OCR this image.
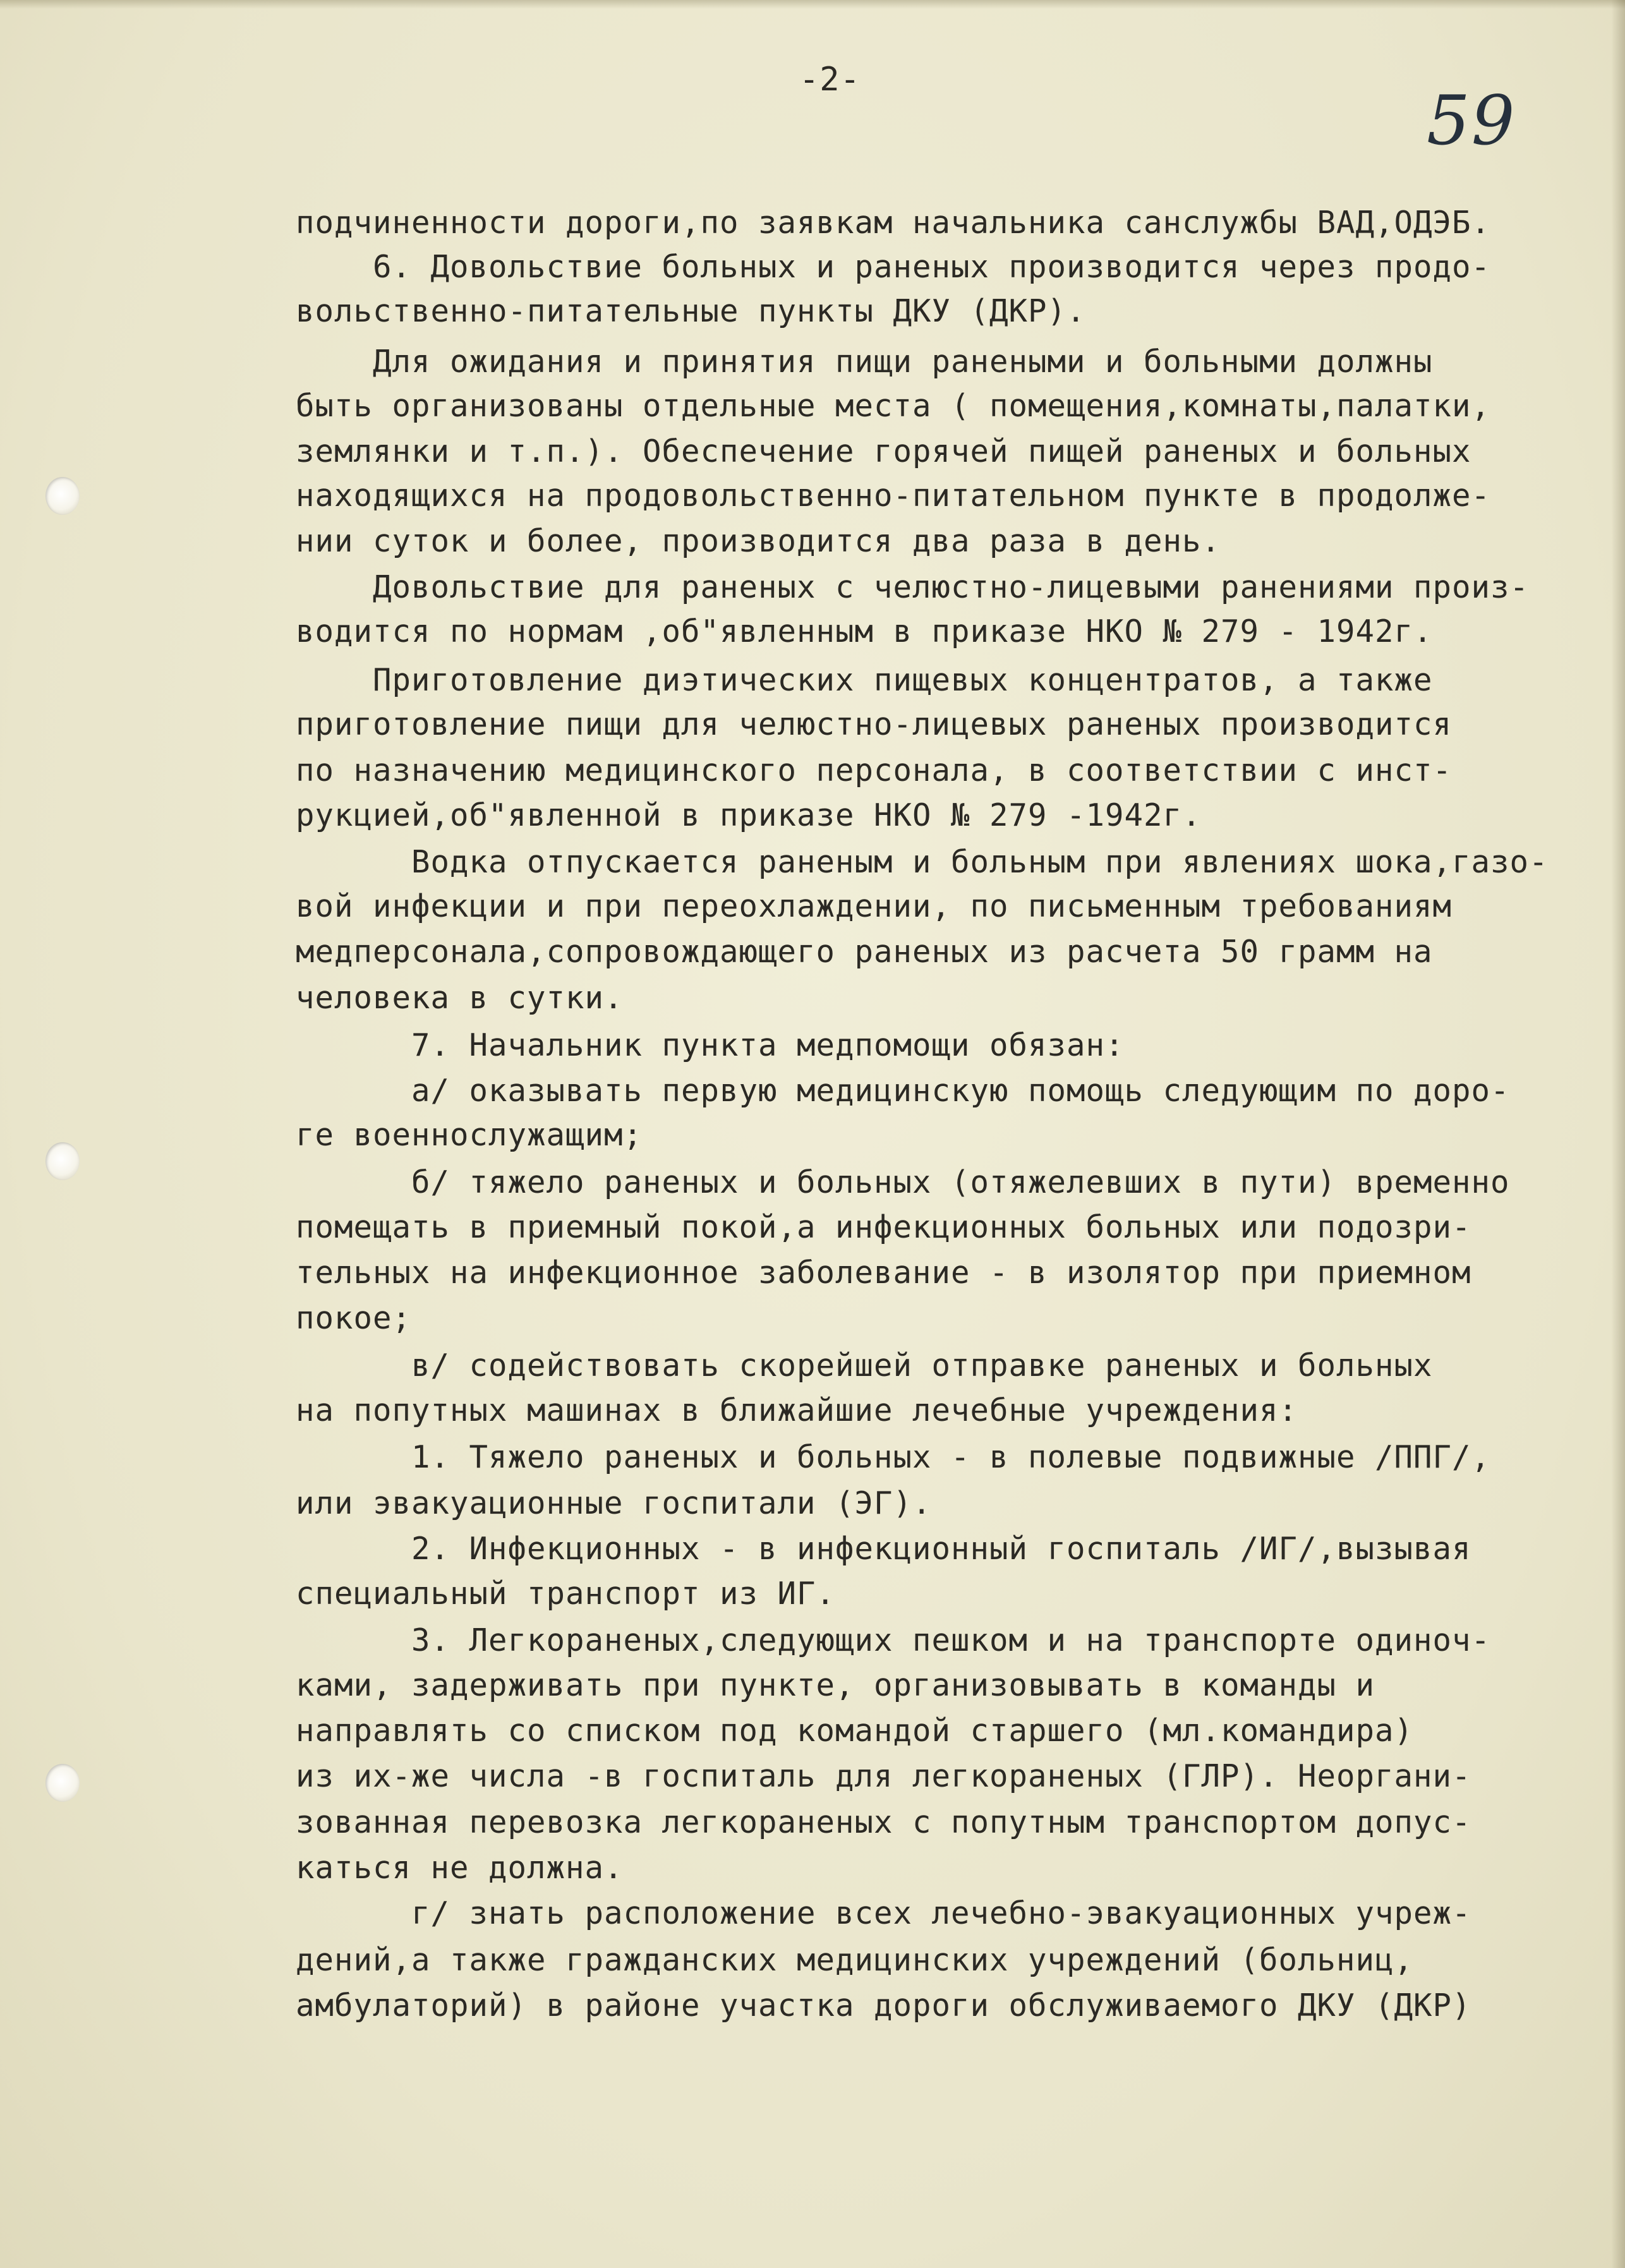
-2-
59
подчиненности дороги,по заявкам начальника санслужбы ВАД,ОДЭБ.
6. Довольствие больных и раненых производится через продо-
вольственно-питательные пункты ДКУ (ДКР).
Для ожидания и принятия пищи ранеными и больными должны
быть организованы отдельные места ( помещения,комнаты,палатки,
землянки и т.п.). Обеспечение горячей пищей раненых и больных
находящихся на продовольственно-питательном пункте в продолже-
нии суток и более, производится два раза в день.
Довольствие для раненых с челюстно-лицевыми ранениями произ-
водится по нормам ,об"явленным в приказе НКО № 279 - 1942г.
Приготовление диэтических пищевых концентратов, а также
приготовление пищи для челюстно-лицевых раненых производится
по назначению медицинского персонала, в соответствии с инст-
рукцией,об"явленной в приказе НКО № 279 -1942г.
Водка отпускается раненым и больным при явлениях шока,газо-
вой инфекции и при переохлаждении, по письменным требованиям
медперсонала,сопровождающего раненых из расчета 50 грамм на
человека в сутки.
7. Начальник пункта медпомощи обязан:
а/ оказывать первую медицинскую помощь следующим по доро-
ге военнослужащим;
б/ тяжело раненых и больных (отяжелевших в пути) временно
помещать в приемный покой,а инфекционных больных или подозри-
тельных на инфекционное заболевание - в изолятор при приемном
покое;
в/ содействовать скорейшей отправке раненых и больных
на попутных машинах в ближайшие лечебные учреждения:
1. Тяжело раненых и больных - в полевые подвижные /ППГ/,
или эвакуационные госпитали (ЭГ).
2. Инфекционных - в инфекционный госпиталь /ИГ/,вызывая
специальный транспорт из ИГ.
3. Легкораненых,следующих пешком и на транспорте одиноч-
ками, задерживать при пункте, организовывать в команды и
направлять со списком под командой старшего (мл.командира)
из их-же числа -в госпиталь для легкораненых (ГЛР). Неоргани-
зованная перевозка легкораненых с попутным транспортом допус-
каться не должна.
г/ знать расположение всех лечебно-эвакуационных учреж-
дений,а также гражданских медицинских учреждений (больниц,
амбулаторий) в районе участка дороги обслуживаемого ДКУ (ДКР)
